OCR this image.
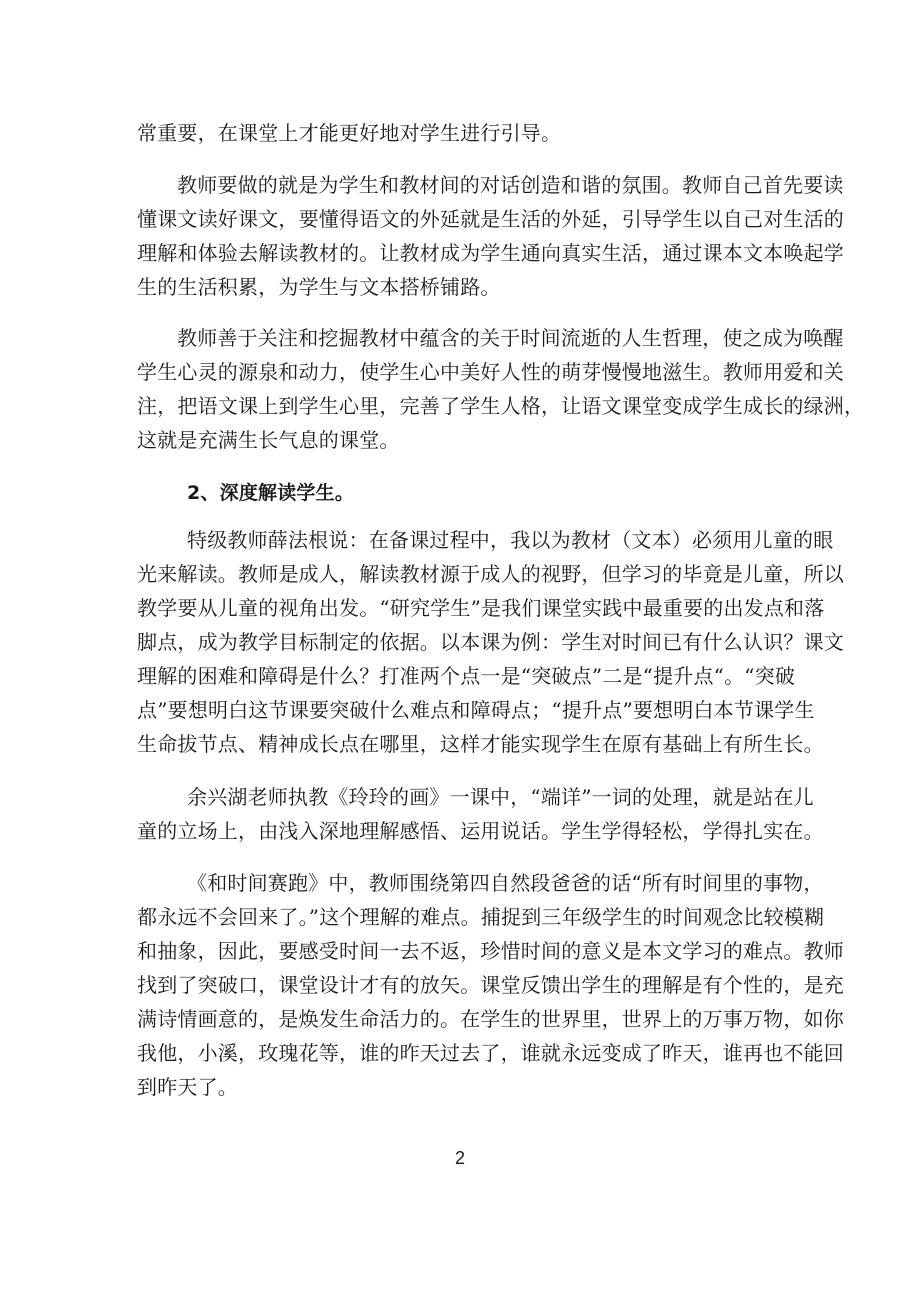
常重要，在课堂上才能更好地对学生进行引导。
教师要做的就是为学生和教材间的对话创造和谐的氛围。教师自己首先要读
懂课文读好课文，要懂得语文的外延就是生活的外延，引导学生以自己对生活的
理解和体验去解读教材的。让教材成为学生通向真实生活，通过课本文本唤起学
生的生活积累，为学生与文本搭桥铺路。
教师善于关注和挖掘教材中蕴含的关于时间流逝的人生哲理，使之成为唤醒
学生心灵的源泉和动力，使学生心中美好人性的萌芽慢慢地滋生。教师用爱和关
注，把语文课上到学生心里，完善了学生人格，让语文课堂变成学生成长的绿洲，
这就是充满生长气息的课堂。
2、深度解读学生。
特级教师薛法根说：在备课过程中，我以为教材（文本）必须用儿童的眼
光来解读。教师是成人，解读教材源于成人的视野，但学习的毕竟是儿童，所以
教学要从儿童的视角出发。“研究学生”是我们课堂实践中最重要的出发点和落
脚点，成为教学目标制定的依据。以本课为例：学生对时间已有什么认识？课文
理解的困难和障碍是什么？打准两个点一是“突破点”二是“提升点“。“突破
点”要想明白这节课要突破什么难点和障碍点；“提升点”要想明白本节课学生
生命拔节点、精神成长点在哪里，这样才能实现学生在原有基础上有所生长。
余兴湖老师执教《玲玲的画》一课中，“端详”一词的处理，就是站在儿
童的立场上，由浅入深地理解感悟、运用说话。学生学得轻松，学得扎实在。
《和时间赛跑》中，教师围绕第四自然段爸爸的话“所有时间里的事物，
都永远不会回来了。”这个理解的难点。捕捉到三年级学生的时间观念比较模糊
和抽象，因此，要感受时间一去不返，珍惜时间的意义是本文学习的难点。教师
找到了突破口，课堂设计才有的放矢。课堂反馈出学生的理解是有个性的，是充
满诗情画意的，是焕发生命活力的。在学生的世界里，世界上的万事万物，如你
我他，小溪，玫瑰花等，谁的昨天过去了，谁就永远变成了昨天，谁再也不能回
到昨天了。
2
